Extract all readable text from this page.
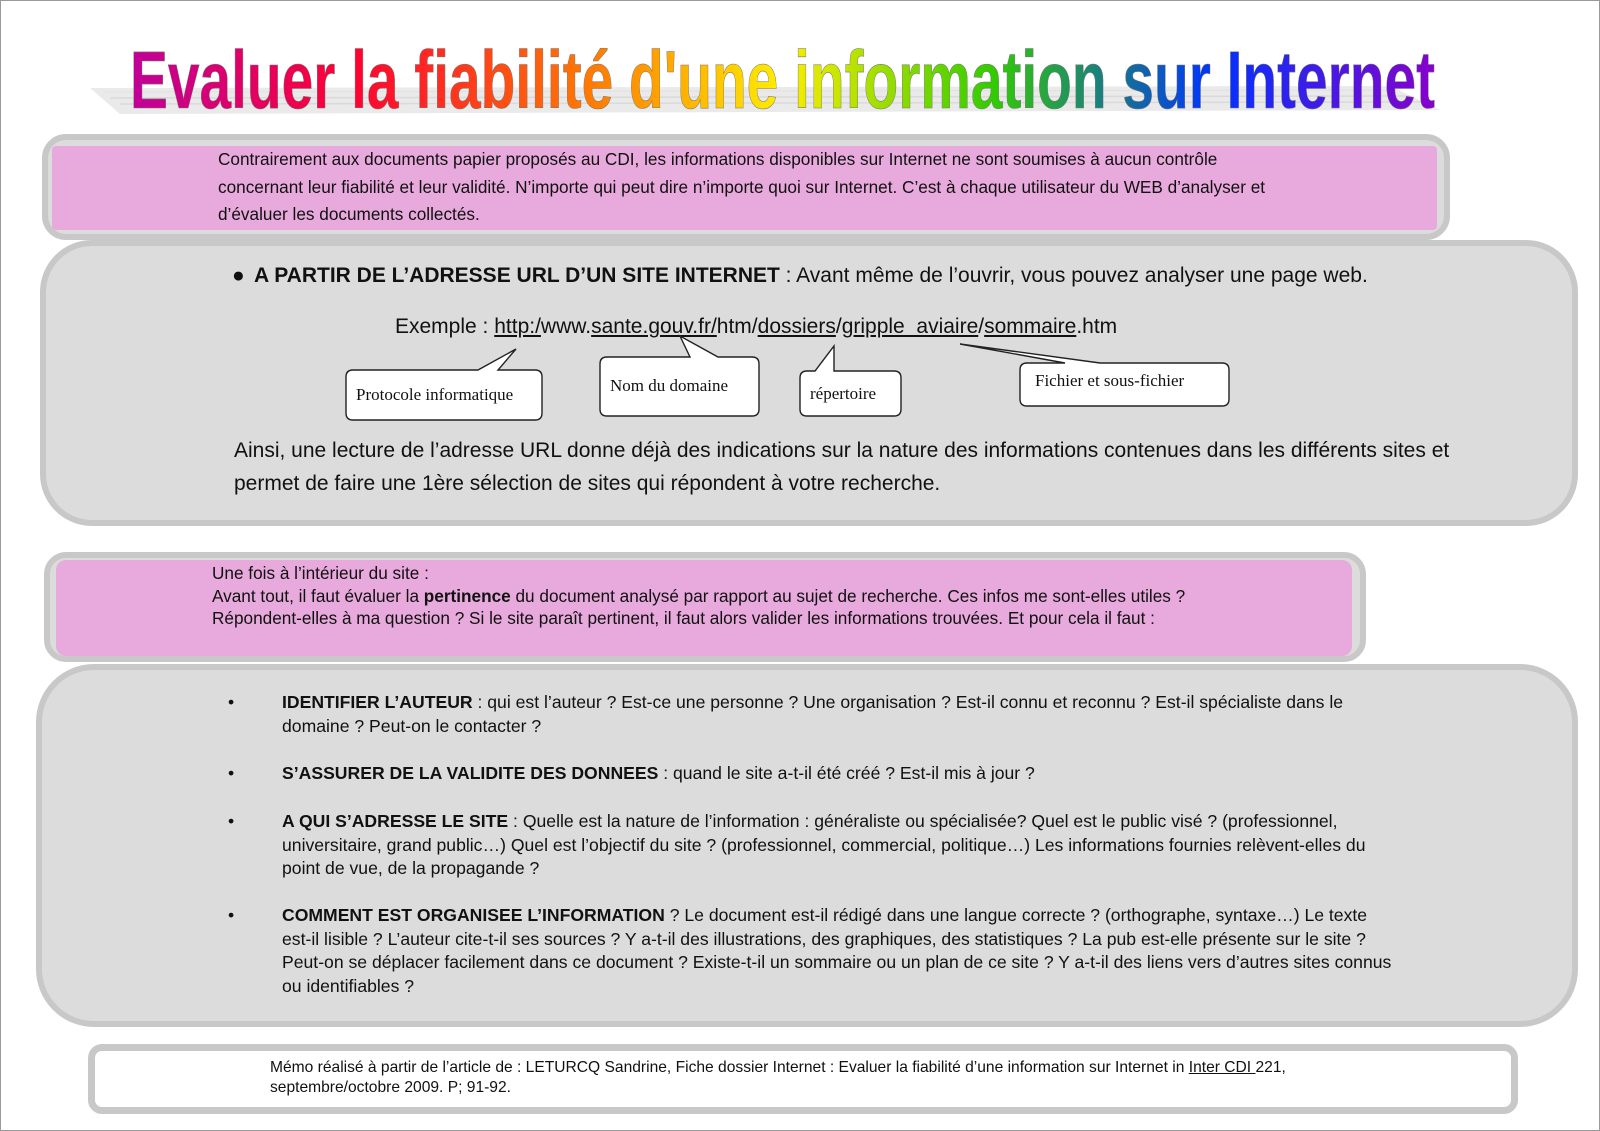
Evaluer la fiabilité d'une information sur Internet
Contrairement aux documents papier proposés au CDI, les informations disponibles sur Internet ne sont soumises à aucun contrôle concernant leur fiabilité et leur validité. N’importe qui peut dire n’importe quoi sur Internet. C’est à chaque utilisateur du WEB d’analyser et d’évaluer les documents collectés.
● A PARTIR DE L’ADRESSE URL D’UN SITE INTERNET : Avant même de l’ouvrir, vous pouvez analyser une page web.
Exemple : http:/www.sante.gouv.fr/htm/dossiers/gripple_aviaire/sommaire.htm
Protocole informatique	Nom du domaine	répertoire
Fichier et sous-fichier
Ainsi, une lecture de l’adresse URL donne déjà des indications sur la nature des informations contenues dans les différents sites et permet de faire une 1ère sélection de sites qui répondent à votre recherche.
Une fois à l’intérieur du site :
Avant tout, il faut évaluer la pertinence du document analysé par rapport au sujet de recherche. Ces infos me sont-elles utiles ? Répondent-elles à ma question ? Si le site paraît pertinent, il faut alors valider les informations trouvées. Et pour cela il faut :
•	IDENTIFIER L’AUTEUR : qui est l’auteur ? Est-ce une personne ? Une organisation ? Est-il connu et reconnu ? Est-il spécialiste dans le domaine ? Peut-on le contacter ?
•	S’ASSURER DE LA VALIDITE DES DONNEES : quand le site a-t-il été créé ? Est-il mis à jour ?
•	A QUI S’ADRESSE LE SITE : Quelle est la nature de l’information : généraliste ou spécialisée? Quel est le public visé ? (professionnel, universitaire, grand public…) Quel est l’objectif du site ? (professionnel, commercial, politique…) Les informations fournies relèvent-elles du point de vue, de la propagande ?
•	COMMENT EST ORGANISEE L’INFORMATION ? Le document est-il rédigé dans une langue correcte ? (orthographe, syntaxe…) Le texte est-il lisible ? L’auteur cite-t-il ses sources ? Y a-t-il des illustrations, des graphiques, des statistiques ? La pub est-elle présente sur le site ? Peut-on se déplacer facilement dans ce document ? Existe-t-il un sommaire ou un plan de ce site ? Y a-t-il des liens vers d’autres sites connus ou identifiables ?
Mémo réalisé à partir de l’article de : LETURCQ Sandrine, Fiche dossier Internet : Evaluer la fiabilité d’une information sur Internet in Inter CDI 221, septembre/octobre 2009. P; 91-92.
